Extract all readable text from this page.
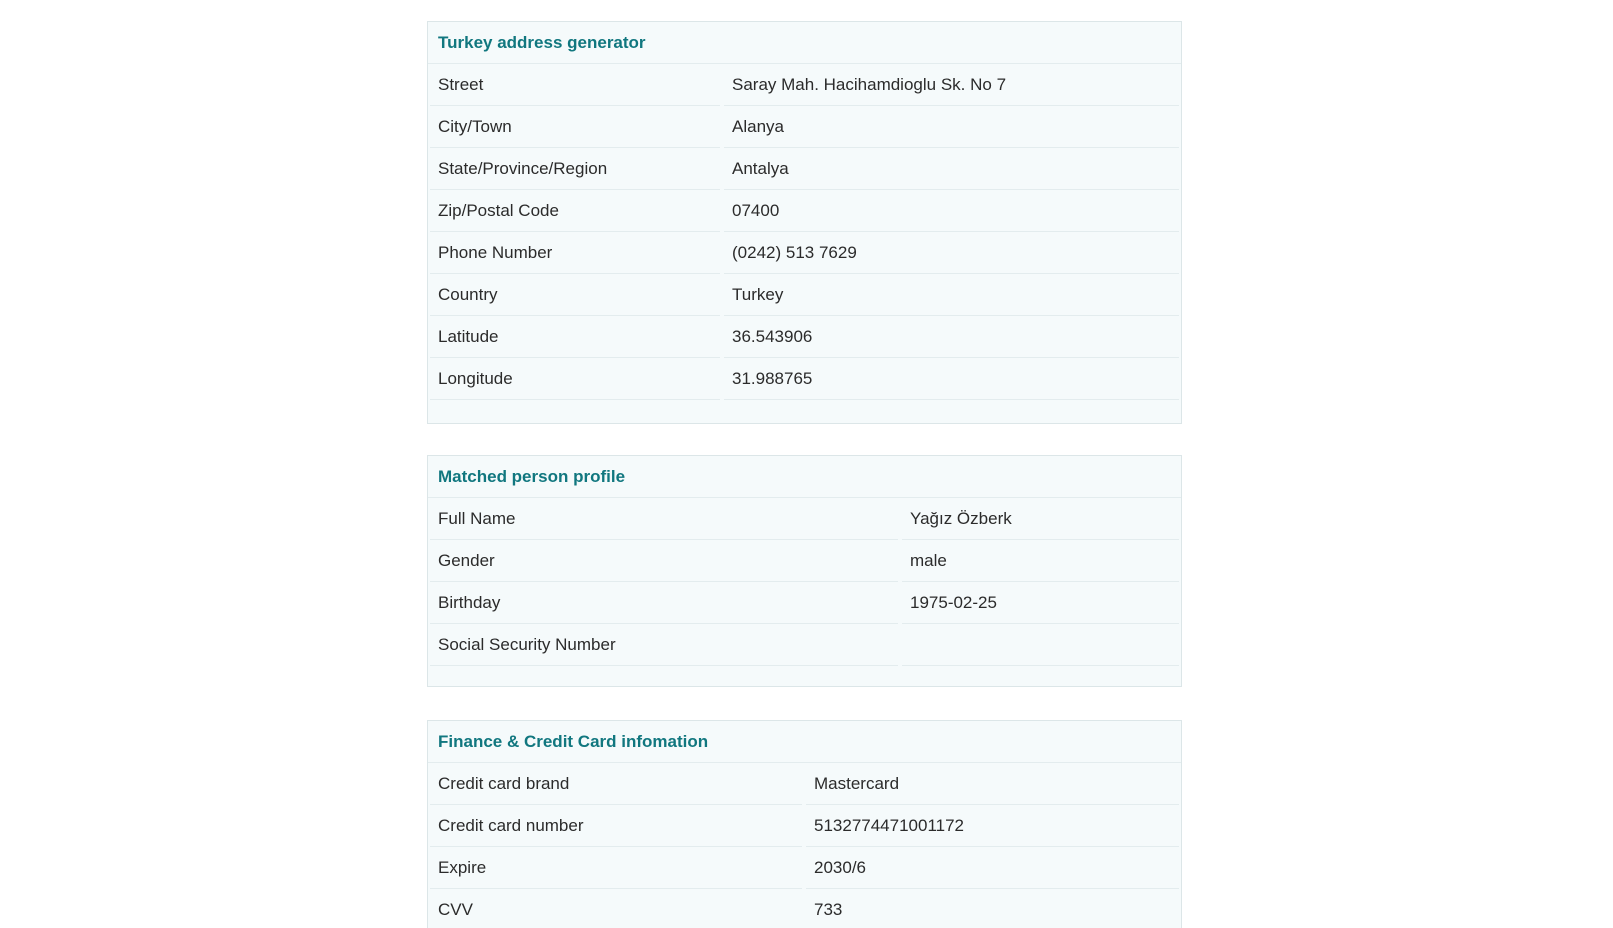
Turkey address generator
Street	Saray Mah. Hacihamdioglu Sk. No 7
City/Town	Alanya
State/Province/Region	Antalya
Zip/Postal Code	07400
Phone Number	(0242) 513 7629
Country	Turkey
Latitude	36.543906
Longitude	31.988765
Matched person profile
Full Name	Yağız Özberk
Gender	male
Birthday	1975-02-25
Social Security Number
Finance & Credit Card infomation
Credit card brand	Mastercard
Credit card number	5132774471001172
Expire	2030/6
CVV	733
